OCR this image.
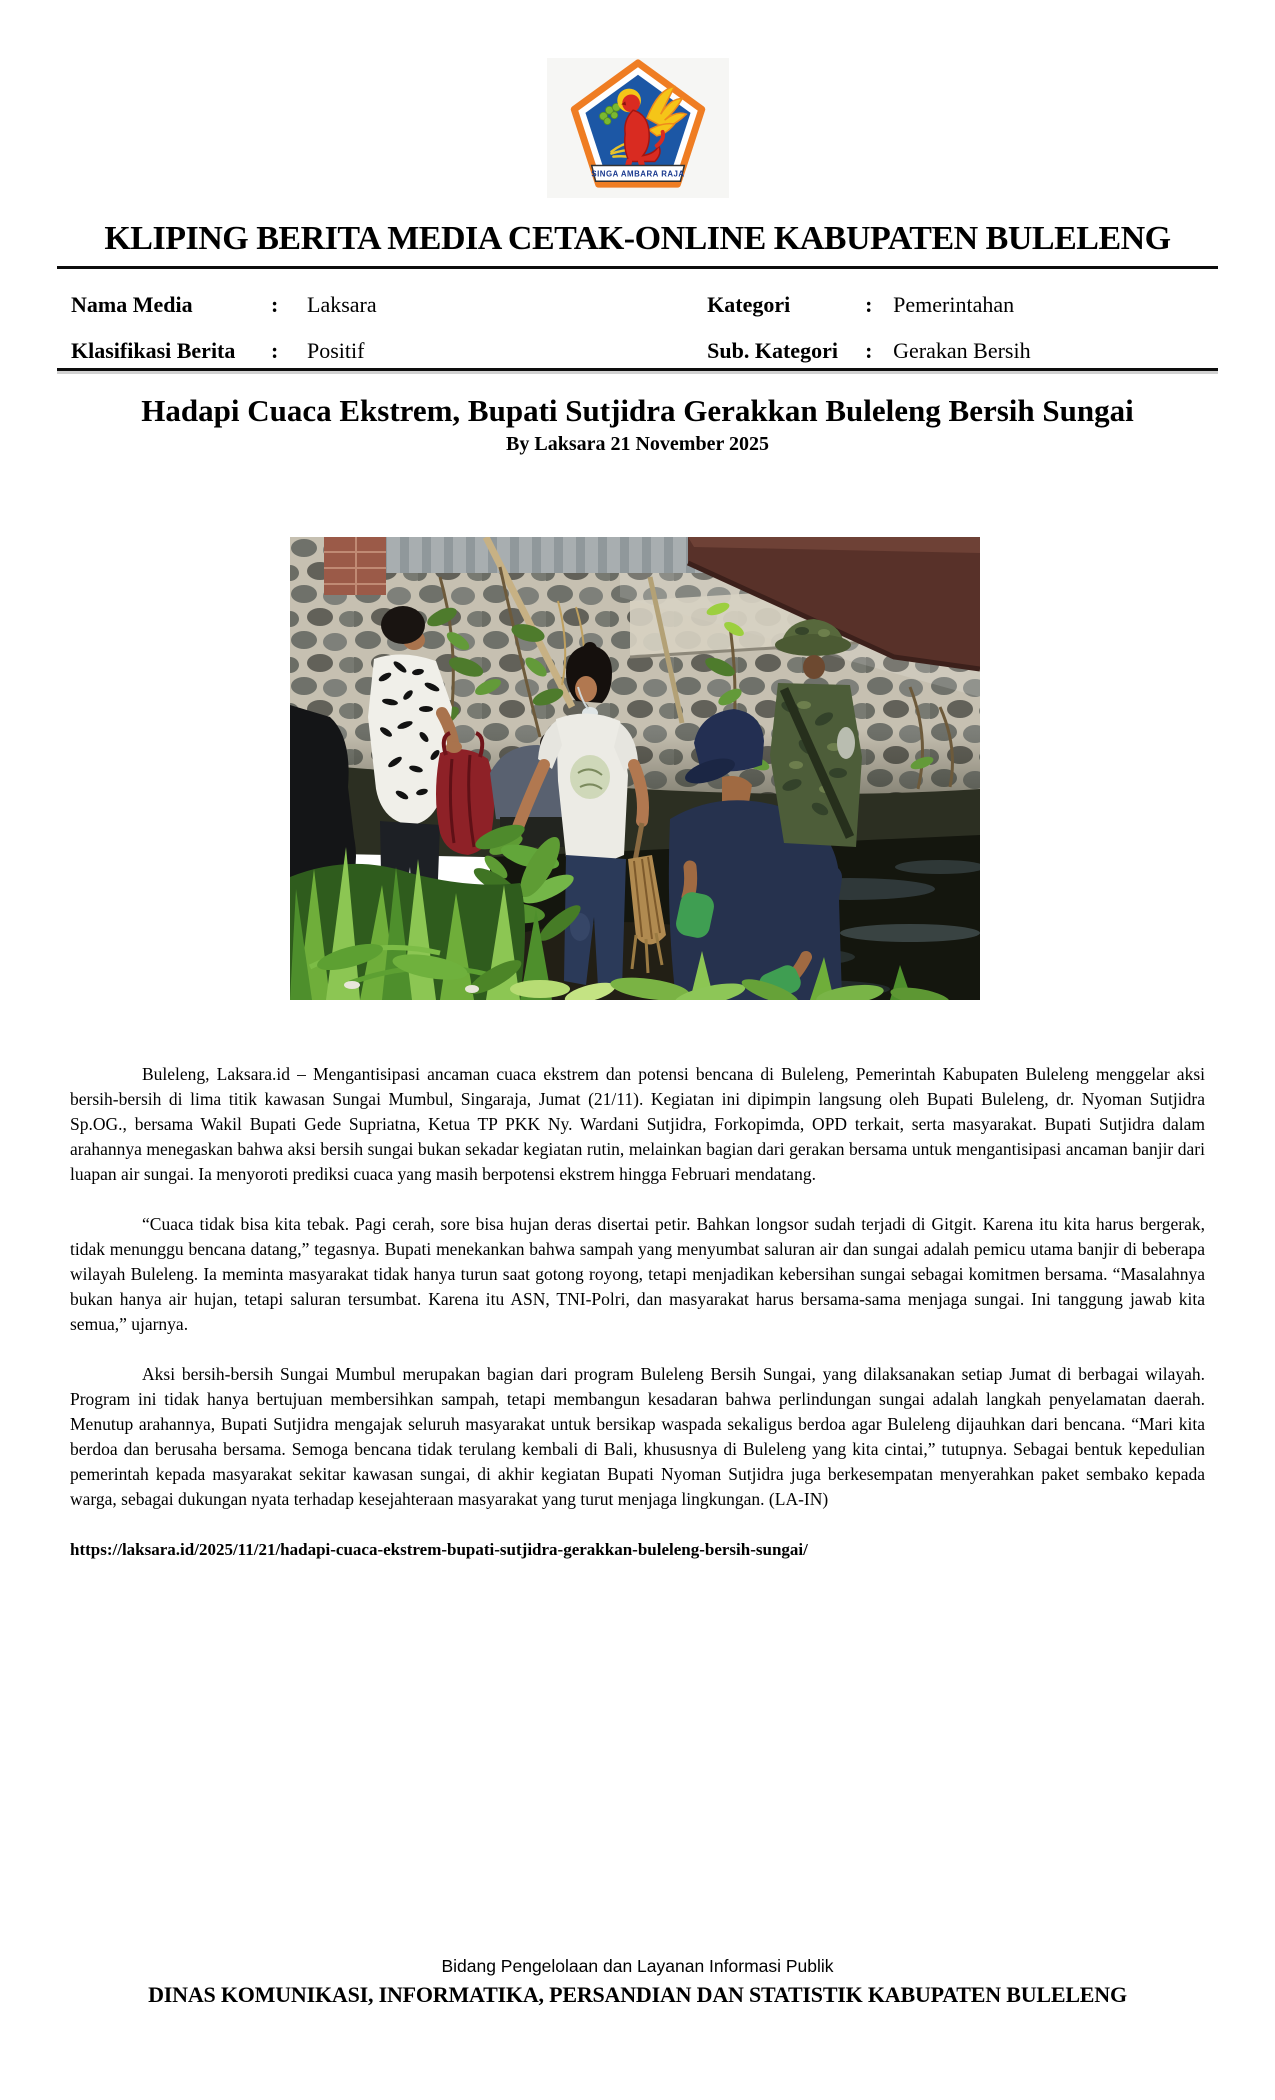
SINGA AMBARA RAJA
KLIPING BERITA MEDIA CETAK-ONLINE KABUPATEN BULELENG
Nama Media	:	Laksara
Klasifikasi Berita	:	Positif
Kategori	: Pemerintahan
Sub. Kategori	: Gerakan Bersih
Hadapi Cuaca Ekstrem, Bupati Sutjidra Gerakkan Buleleng Bersih Sungai
By Laksara 21 November 2025

Buleleng, Laksara.id – Mengantisipasi ancaman cuaca ekstrem dan potensi bencana di Buleleng, Pemerintah Kabupaten Buleleng menggelar aksi bersih-bersih di lima titik kawasan Sungai Mumbul, Singaraja, Jumat (21/11). Kegiatan ini dipimpin langsung oleh Bupati Buleleng, dr. Nyoman Sutjidra Sp.OG., bersama Wakil Bupati Gede Supriatna, Ketua TP PKK Ny. Wardani Sutjidra, Forkopimda, OPD terkait, serta masyarakat. Bupati Sutjidra dalam arahannya menegaskan bahwa aksi bersih sungai bukan sekadar kegiatan rutin, melainkan bagian dari gerakan bersama untuk mengantisipasi ancaman banjir dari luapan air sungai. Ia menyoroti prediksi cuaca yang masih berpotensi ekstrem hingga Februari mendatang.

“Cuaca tidak bisa kita tebak. Pagi cerah, sore bisa hujan deras disertai petir. Bahkan longsor sudah terjadi di Gitgit. Karena itu kita harus bergerak, tidak menunggu bencana datang,” tegasnya. Bupati menekankan bahwa sampah yang menyumbat saluran air dan sungai adalah pemicu utama banjir di beberapa wilayah Buleleng. Ia meminta masyarakat tidak hanya turun saat gotong royong, tetapi menjadikan kebersihan sungai sebagai komitmen bersama. “Masalahnya bukan hanya air hujan, tetapi saluran tersumbat. Karena itu ASN, TNI-Polri, dan masyarakat harus bersama-sama menjaga sungai. Ini tanggung jawab kita semua,” ujarnya.

Aksi bersih-bersih Sungai Mumbul merupakan bagian dari program Buleleng Bersih Sungai, yang dilaksanakan setiap Jumat di berbagai wilayah. Program ini tidak hanya bertujuan membersihkan sampah, tetapi membangun kesadaran bahwa perlindungan sungai adalah langkah penyelamatan daerah. Menutup arahannya, Bupati Sutjidra mengajak seluruh masyarakat untuk bersikap waspada sekaligus berdoa agar Buleleng dijauhkan dari bencana. “Mari kita berdoa dan berusaha bersama. Semoga bencana tidak terulang kembali di Bali, khususnya di Buleleng yang kita cintai,” tutupnya. Sebagai bentuk kepedulian pemerintah kepada masyarakat sekitar kawasan sungai, di akhir kegiatan Bupati Nyoman Sutjidra juga berkesempatan menyerahkan paket sembako kepada warga, sebagai dukungan nyata terhadap kesejahteraan masyarakat yang turut menjaga lingkungan. (LA-IN)

https://laksara.id/2025/11/21/hadapi-cuaca-ekstrem-bupati-sutjidra-gerakkan-buleleng-bersih-sungai/
Bidang Pengelolaan dan Layanan Informasi Publik
DINAS KOMUNIKASI, INFORMATIKA, PERSANDIAN DAN STATISTIK KABUPATEN BULELENG
